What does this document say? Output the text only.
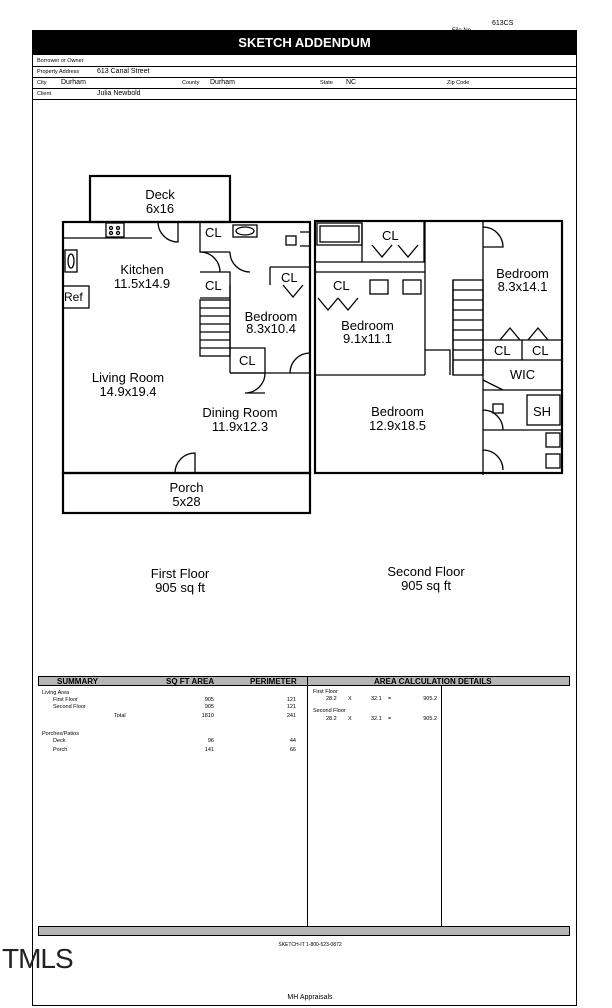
613CS
SKETCH ADDENDUM
Borrower or Owner
Property Address	613 Canal Street
City Durham	County Durham	State NC	Zip Code
Client	Julia Newbold
Deck
6x16
Kitchen
11.5x14.9
Ref
CL
CL
CL
CL
Bedroom
8.3x10.4
Living Room
14.9x19.4
Dining Room
11.9x12.3
Porch
5x28
CL
CL
CL CL
Bedroom
8.3x14.1
Bedroom
9.1x11.1
WIC
SH
Bedroom
12.9x18.5
First Floor
905 sq ft
Second Floor
905 sq ft
SUMMARY	SQ FT AREA	PERIMETER	AREA CALCULATION DETAILS
Living Area
First Floor	905	121
Second Floor	905	121
Total	1810	241
Porches/Patios
Deck	96	44
Porch	141	66
First Floor
28.2 X	32.1 =	905.2
Second Floor
28.2 X	32.1 =	905.2
SKETCH-IT 1-800-523-0872
TMLS
MH Appraisals
